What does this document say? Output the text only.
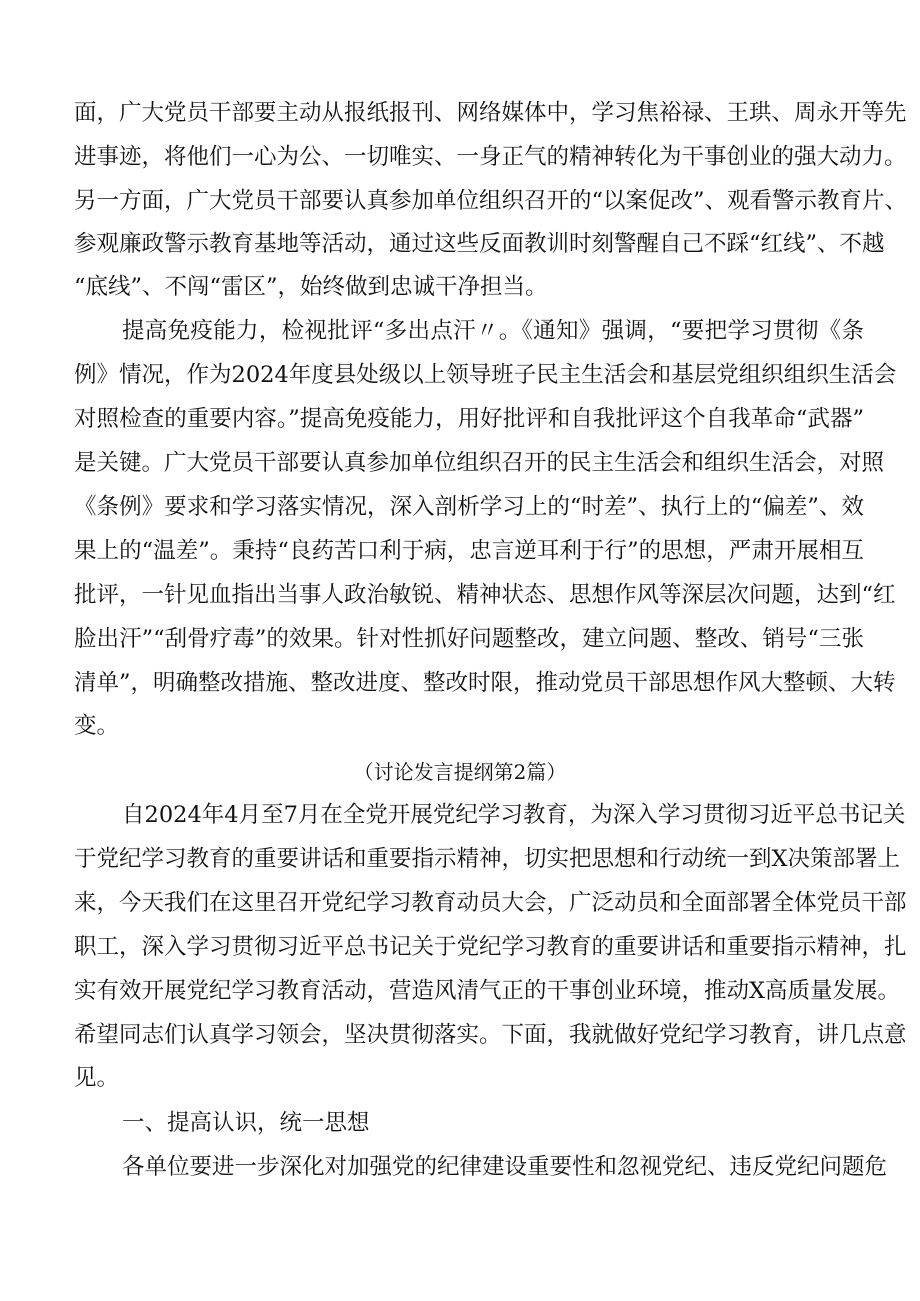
面，广大党员干部要主动从报纸报刊、网络媒体中，学习焦裕禄、王珙、周永开等先
进事迹，将他们一心为公、一切唯实、一身正气的精神转化为干事创业的强大动力。
另一方面，广大党员干部要认真参加单位组织召开的“以案促改”、观看警示教育片、
参观廉政警示教育基地等活动，通过这些反面教训时刻警醒自己不踩“红线”、不越
“底线”、不闯“雷区”，始终做到忠诚干净担当。
提高免疫能力，检视批评“多出点汗〃。《通知》强调，“要把学习贯彻《条
例》情况，作为2024年度县处级以上领导班子民主生活会和基层党组织组织生活会
对照检查的重要内容。”提高免疫能力，用好批评和自我批评这个自我革命“武器”
是关键。广大党员干部要认真参加单位组织召开的民主生活会和组织生活会，对照
《条例》要求和学习落实情况，深入剖析学习上的“时差”、执行上的“偏差”、效
果上的“温差”。秉持“良药苦口利于病，忠言逆耳利于行”的思想，严肃开展相互
批评，一针见血指出当事人政治敏锐、精神状态、思想作风等深层次问题，达到“红
脸出汗”“刮骨疗毒”的效果。针对性抓好问题整改，建立问题、整改、销号“三张
清单”，明确整改措施、整改进度、整改时限，推动党员干部思想作风大整顿、大转
变。
（讨论发言提纲第2篇）
自2024年4月至7月在全党开展党纪学习教育，为深入学习贯彻习近平总书记关
于党纪学习教育的重要讲话和重要指示精神，切实把思想和行动统一到X决策部署上
来，今天我们在这里召开党纪学习教育动员大会，广泛动员和全面部署全体党员干部
职工，深入学习贯彻习近平总书记关于党纪学习教育的重要讲话和重要指示精神，扎
实有效开展党纪学习教育活动，营造风清气正的干事创业环境，推动X高质量发展。
希望同志们认真学习领会，坚决贯彻落实。下面，我就做好党纪学习教育，讲几点意
见。
一、提高认识，统一思想
各单位要进一步深化对加强党的纪律建设重要性和忽视党纪、违反党纪问题危
